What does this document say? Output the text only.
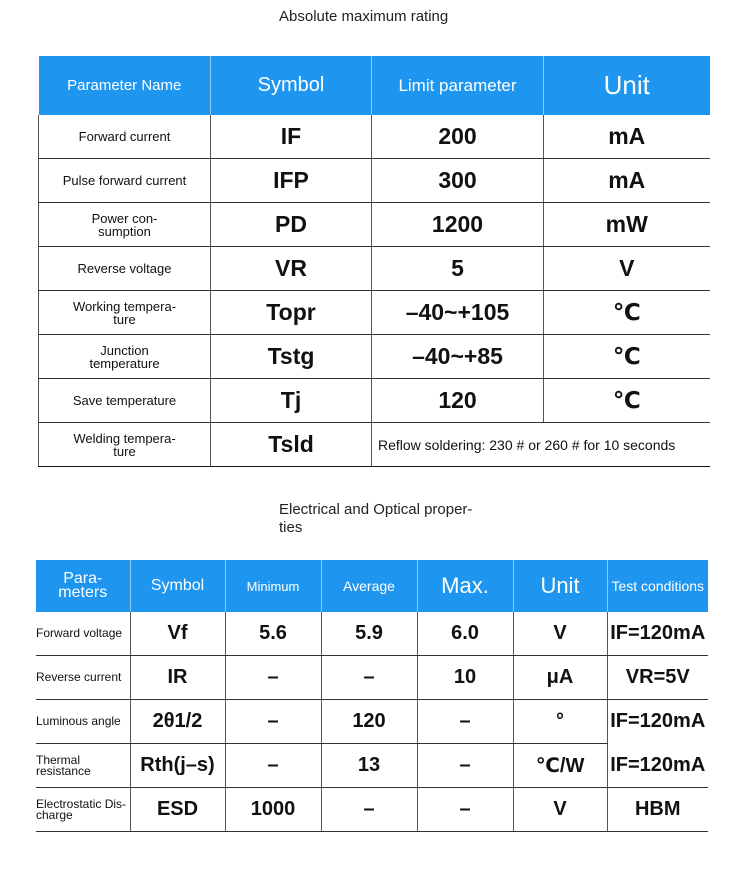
Absolute maximum rating
Parameter Name	Symbol	Limit parameter	Unit
Forward current	IF	200	mA
Pulse forward current	IFP	300	mA
Power con-
sumption	PD	1200	mW
Reverse voltage	VR	5	V
Working tempera-
ture	Topr	–40~+105	℃
Junction
temperature	Tstg	–40~+85	℃
Save temperature	Tj	120	℃
Welding tempera-
ture	Tsld	Reflow soldering: 230 # or 260 # for 10 seconds	
Electrical and Optical proper-
ties
Para-
meters	Symbol	Minimum	Average	Max.	Unit	Test conditions
Forward voltage	Vf	5.6	5.9	6.0	V	IF=120mA
Reverse current	IR	–	–	10	μA	VR=5V
Luminous angle	2θ1/2	–	120	–	°	IF=120mA
Thermal
resistance	Rth(j–s)	–	13	–	℃/W	IF=120mA
Electrostatic Dis-
charge	ESD	1000	–	–	V	HBM
